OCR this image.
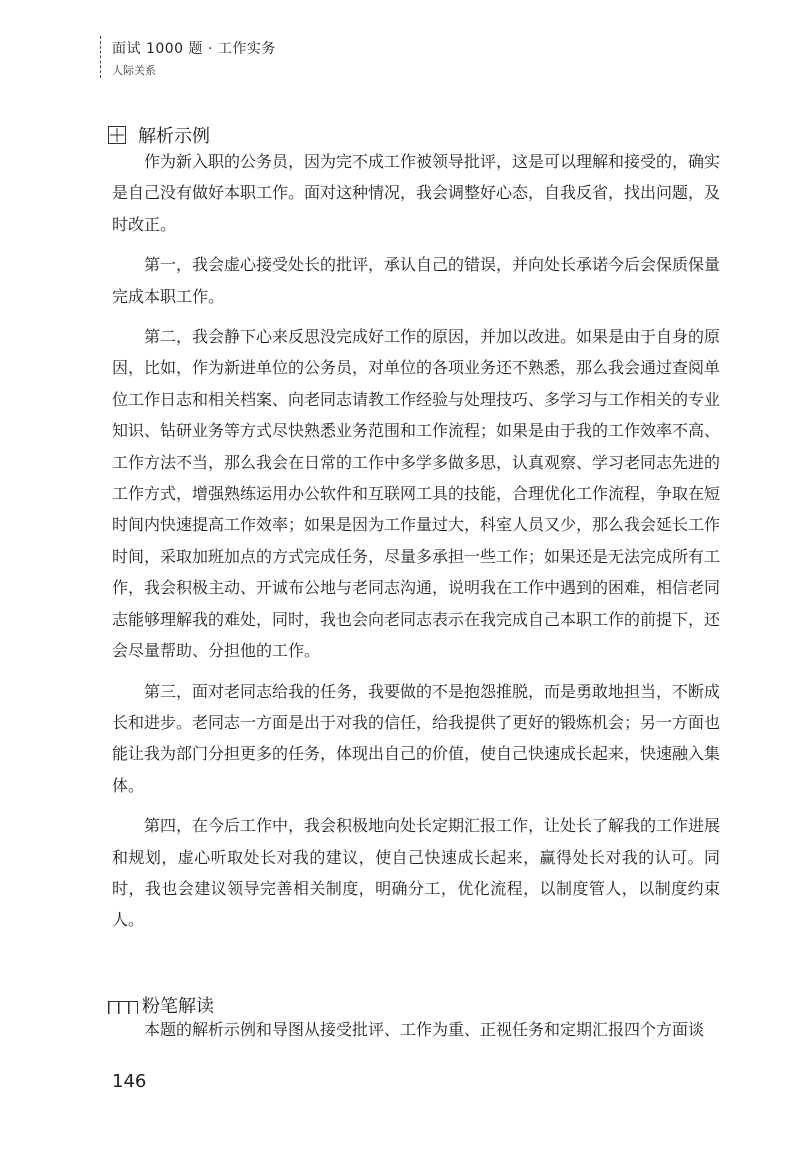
面试 1000 题 · 工作实务
人际关系
解析示例

作为新入职的公务员，因为完不成工作被领导批评，这是可以理解和接受的，确实是自己没有做好本职工作。面对这种情况，我会调整好心态，自我反省，找出问题，及时改正。

第一，我会虚心接受处长的批评，承认自己的错误，并向处长承诺今后会保质保量完成本职工作。

第二，我会静下心来反思没完成好工作的原因，并加以改进。如果是由于自身的原因，比如，作为新进单位的公务员，对单位的各项业务还不熟悉，那么我会通过查阅单位工作日志和相关档案、向老同志请教工作经验与处理技巧、多学习与工作相关的专业知识、钻研业务等方式尽快熟悉业务范围和工作流程；如果是由于我的工作效率不高、工作方法不当，那么我会在日常的工作中多学多做多思，认真观察、学习老同志先进的工作方式，增强熟练运用办公软件和互联网工具的技能，合理优化工作流程，争取在短时间内快速提高工作效率；如果是因为工作量过大，科室人员又少，那么我会延长工作时间，采取加班加点的方式完成任务，尽量多承担一些工作；如果还是无法完成所有工作，我会积极主动、开诚布公地与老同志沟通，说明我在工作中遇到的困难，相信老同志能够理解我的难处，同时，我也会向老同志表示在我完成自己本职工作的前提下，还会尽量帮助、分担他的工作。

第三，面对老同志给我的任务，我要做的不是抱怨推脱，而是勇敢地担当，不断成长和进步。老同志一方面是出于对我的信任，给我提供了更好的锻炼机会；另一方面也能让我为部门分担更多的任务，体现出自己的价值，使自己快速成长起来，快速融入集体。

第四，在今后工作中，我会积极地向处长定期汇报工作，让处长了解我的工作进展和规划，虚心听取处长对我的建议，使自己快速成长起来，赢得处长对我的认可。同时，我也会建议领导完善相关制度，明确分工，优化流程，以制度管人，以制度约束人。

粉笔解读

本题的解析示例和导图从接受批评、工作为重、正视任务和定期汇报四个方面谈

146
